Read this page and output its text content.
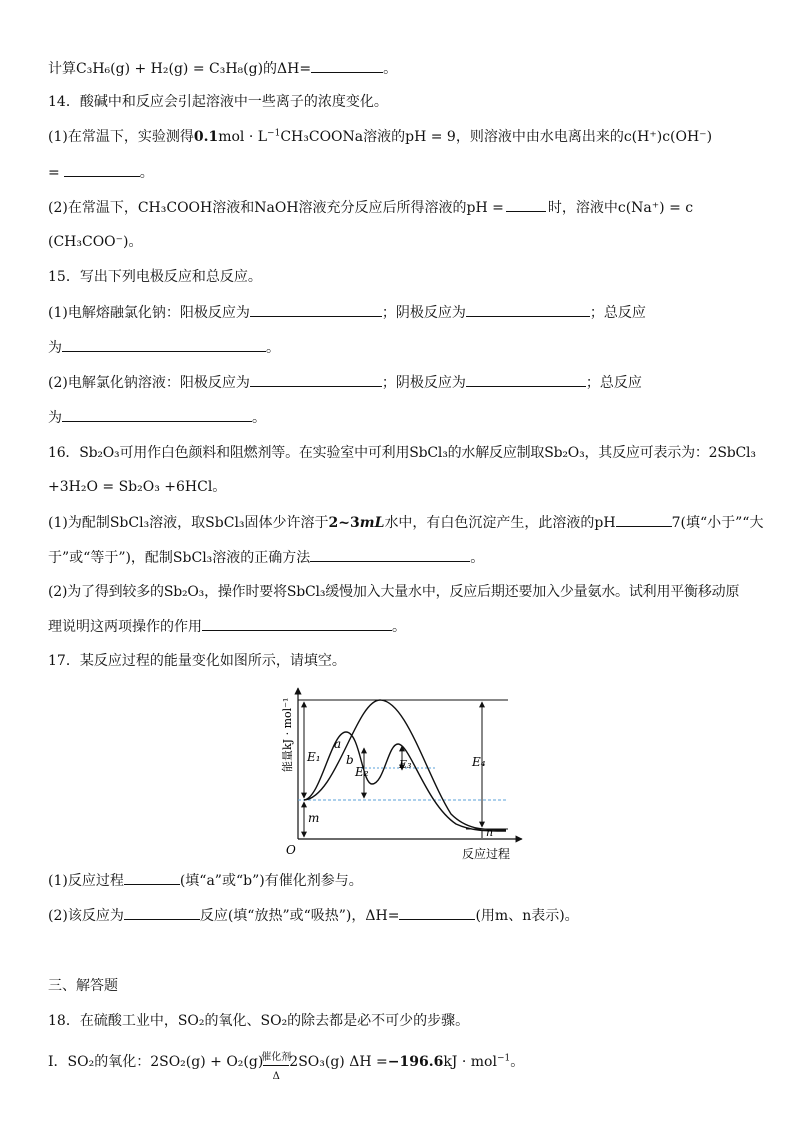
计算C₃H₆(g) + H₂(g) = C₃H₈(g)的ΔH=	。
14．酸碱中和反应会引起溶液中一些离子的浓度变化。
(1)在常温下，实验测得$0.1mol \cdot L^{-1}CH_3COONa$溶液的pH = 9，则溶液中由水电离出来的c(H⁺)c(OH⁻)
=	。
(2)在常温下，CH₃COOH溶液和NaOH溶液充分反应后所得溶液的pH =	时，溶液中c(Na⁺) = c
(CH₃COO⁻)。
15．写出下列电极反应和总反应。
(1)电解熔融氯化钠：阳极反应为	；阴极反应为	；总反应
为	。
(2)电解氯化钠溶液：阳极反应为	；阴极反应为	；总反应
为	。
16．Sb₂O₃可用作白色颜料和阻燃剂等。在实验室中可利用SbCl₃的水解反应制取Sb₂O₃，其反应可表示为：2SbCl₃
+3H₂O = Sb₂O₃ +6HCl。
(1)为配制SbCl₃溶液，取SbCl₃固体少许溶于2~3mL水中，有白色沉淀产生，此溶液的pH	7(填“小于”“大
于”或“等于”)，配制SbCl₃溶液的正确方法	。
(2)为了得到较多的Sb₂O₃，操作时要将SbCl₃缓慢加入大量水中，反应后期还要加入少量氨水。试利用平衡移动原
理说明这两项操作的作用	。
17．某反应过程的能量变化如图所示，请填空。
能量kJ · mol⁻¹
O	反应过程
E₁
a
b
E₂
E₃	E₄
m
n
(1)反应过程	(填“a”或“b”)有催化剂参与。
(2)该反应为	反应(填“放热”或“吸热”)，ΔH=	(用m、n表示)。
三、解答题
18．在硫酸工业中，SO₂的氧化、SO₂的除去都是必不可少的步骤。
Ⅰ．SO₂的氧化：2SO₂(g) + O₂(g)
催化剂
Δ
2SO₃(g) ΔH =−196.6kJ · mol$^{-1}$。
